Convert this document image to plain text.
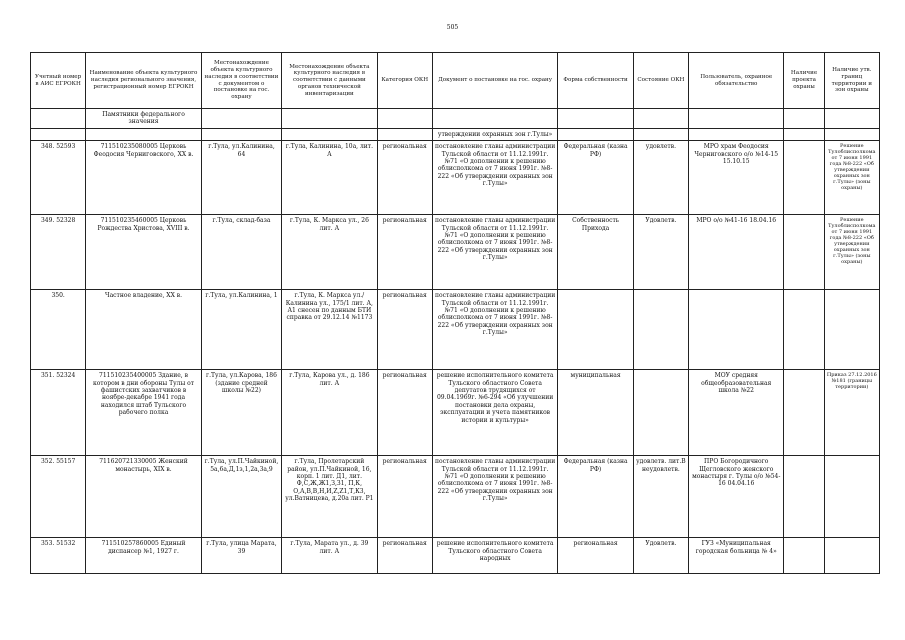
505
Учетный номер в АИС ЕГРОКН	Наименование объекта культурного наследия регионального значения, регистрационный номер ЕГРОКН	Местонахождение объекта культурного наследия в соответствии с документом о постановке на гос. охрану	Местонахождение объекта культурного наследия в соответствии с данными органов технической инвентаризации	Категория ОКН	Документ о постановке на гос. охрану	Форма собственности	Состояние ОКН	Пользователь, охранное обязательство	Наличие проекта охраны	Наличие утв. границ территории и зон охраны
	Памятники федерального значения									
					утверждении охранных зон г.Тулы»					
348. 52593	711510235080005 Церковь Феодосия Черниговского, XX в.	г.Тула, ул.Калинина, 64	г.Тула, Калинина, 10а, лит. А	региональная	постановление главы администрации Тульской области от 11.12.1991г. №71 «О дополнении к решению облисполкома от 7 июня 1991г. №8-222 «Об утверждении охранных зон г.Тулы»	Федеральная (казна РФ)	удовлетв.	МРО храм Феодосия Черниговского о/о №14-15 15.10.15		Решение Тулоблисполкома от 7 июня 1991 года №8-222 «Об утверждении охранных зон г.Тулы» (зоны охраны)
349. 52328	711510235460005 Церковь Рождества Христова, XVIII в.	г.Тула, склад-база	г.Тула, К. Маркса ул., 26 лит. А	региональная	постановление главы администрации Тульской области от 11.12.1991г. №71 «О дополнении к решению облисполкома от 7 июня 1991г. №8-222 «Об утверждении охранных зон г.Тулы»	Собственность Прихода	Удовлетв.	МРО о/о №41-16 18.04.16		Решение Тулоблисполкома от 7 июня 1991 года №8-222 «Об утверждении охранных зон г.Тулы» (зоны охраны)
350.	Частное владение, XX в.	г.Тула, ул.Калинина, 1	г.Тула, К. Маркса ул./Калинина ул., 175/1 лит. А, А1 снесен по данным БТИ справка от 29.12.14 №1173	региональная	постановление главы администрации Тульской области от 11.12.1991г. №71 «О дополнении к решению облисполкома от 7 июня 1991г. №8-222 «Об утверждении охранных зон г.Тулы»					
351. 52324	711510235400005 Здание, в котором в дни обороны Тулы от фашистских захватчиков в ноябре-декабре 1941 года находился штаб Тульского рабочего полка	г.Тула, ул.Карова, 186 (здание средней школы №22)	г.Тула, Карова ул., д. 186 лит. А	региональная	решение исполнительного комитета Тульского областного Совета депутатов трудящихся от 09.04.1969г. №6-294 «Об улучшении постановки дела охраны, эксплуатации и учета памятников истории и культуры»	муниципальная		МОУ средняя общеобразовательная школа №22		Приказ 27.12.2016 №181 (границы территории)
352. 55157	711620721330005 Женский монастырь, XIX в.	г.Тула, ул.П.Чайкиной, 5а,6а,Д,1з,1,2а,3а,9	г.Тула, Пролетарский район, ул.П.Чайкиной, 16, корп. 1 лит. Д1, лит. Ф,С,Ж,Ж1,З,З1, П,К, О,А,В,В,Н,И,Z,Z1,Т,К3, ул.Ватницева, д.20а лит. Р1	региональная	постановление главы администрации Тульской области от 11.12.1991г. №71 «О дополнении к решению облисполкома от 7 июня 1991г. №8-222 «Об утверждении охранных зон г.Тулы»	Федеральная (казна РФ)	удовлетв. лит.В неудовлетв.	ПРО Богородичного Щегловского женского монастыря г. Тулы о/о №54-16 04.04.16		
353. 51532	711510257860005 Единый диспансер №1, 1927 г.	г.Тула, улица Марата, 39	г.Тула, Марата ул., д. 39 лит. А	региональная	решение исполнительного комитета Тульского областного Совета народных	региональная	Удовлетв.	ГУЗ «Муниципальная городская больница № 4»		
